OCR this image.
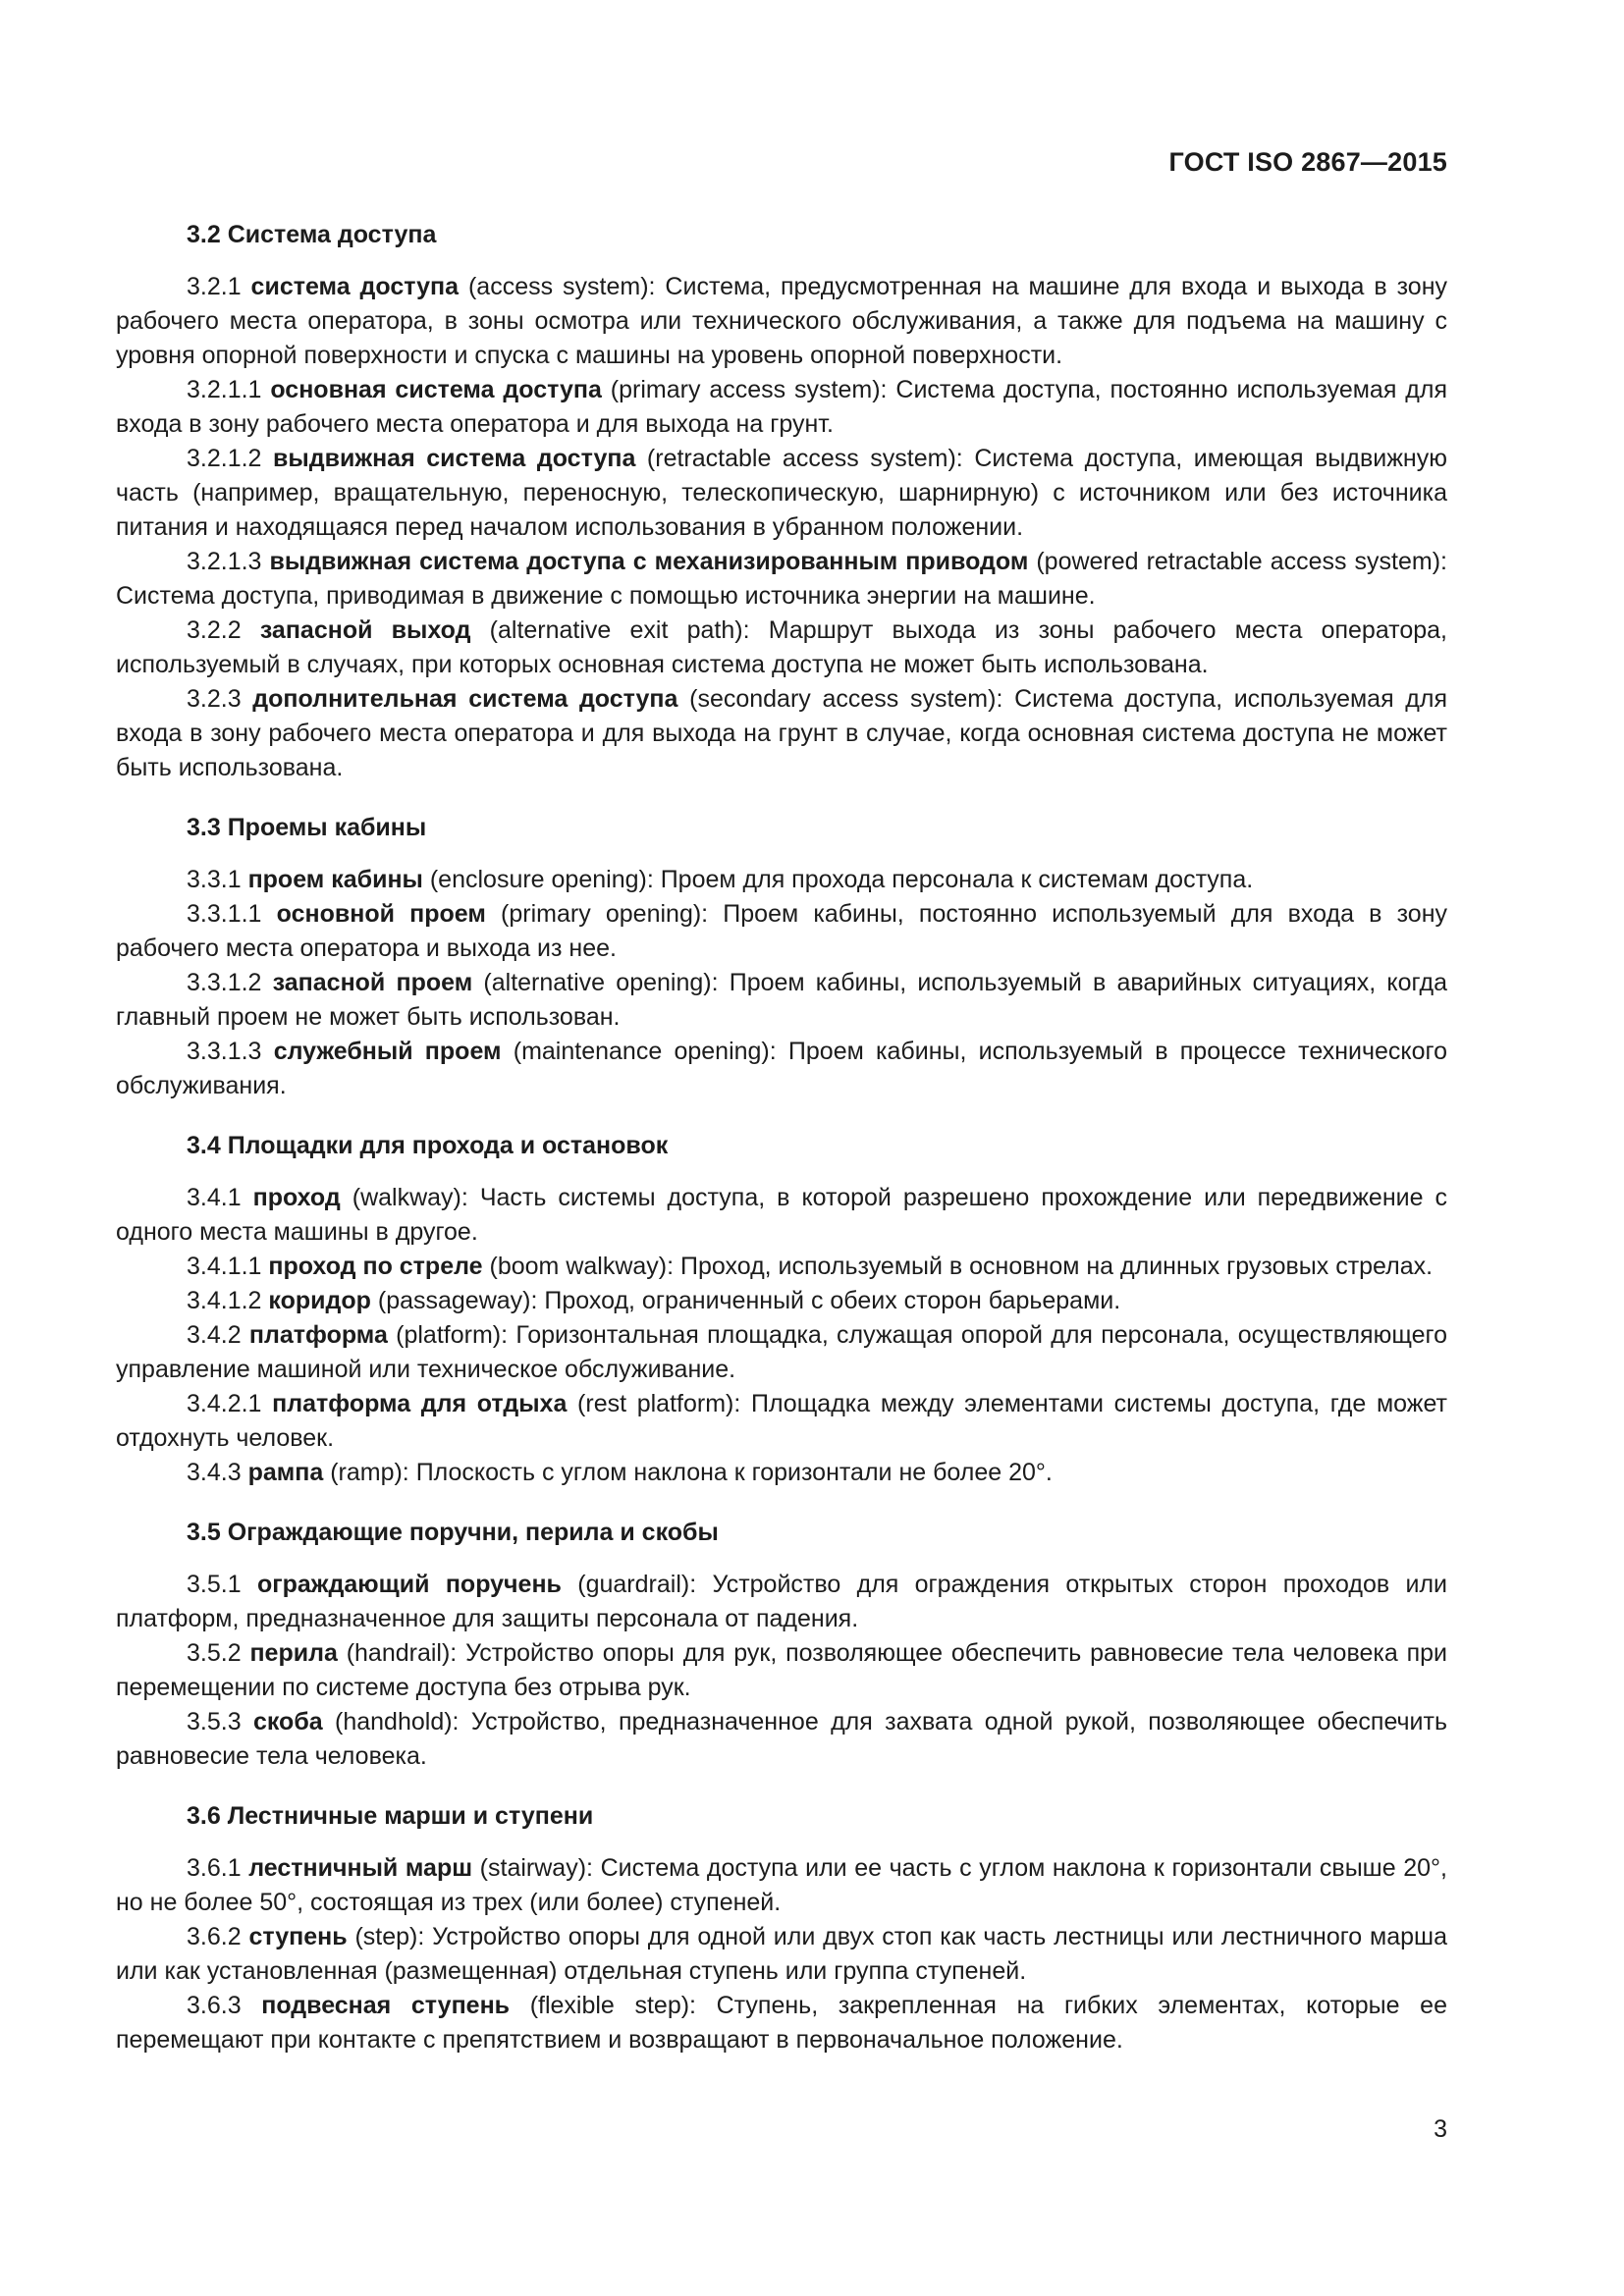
ГОСТ ISO 2867—2015
3.2 Система доступа

3.2.1 система доступа (access system): Система, предусмотренная на машине для входа и выхода в зону рабочего места оператора, в зоны осмотра или технического обслуживания, а также для подъема на машину с уровня опорной поверхности и спуска с машины на уровень опорной поверхности.

3.2.1.1 основная система доступа (primary access system): Система доступа, постоянно используемая для входа в зону рабочего места оператора и для выхода на грунт.

3.2.1.2 выдвижная система доступа (retractable access system): Система доступа, имеющая выдвижную часть (например, вращательную, переносную, телескопическую, шарнирную) с источником или без источника питания и находящаяся перед началом использования в убранном положении.

3.2.1.3 выдвижная система доступа с механизированным приводом (powered retractable access system): Система доступа, приводимая в движение с помощью источника энергии на машине.

3.2.2 запасной выход (alternative exit path): Маршрут выхода из зоны рабочего места оператора, используемый в случаях, при которых основная система доступа не может быть использована.

3.2.3 дополнительная система доступа (secondary access system): Система доступа, используемая для входа в зону рабочего места оператора и для выхода на грунт в случае, когда основная система доступа не может быть использована.

3.3 Проемы кабины

3.3.1 проем кабины (enclosure opening): Проем для прохода персонала к системам доступа.

3.3.1.1 основной проем (primary opening): Проем кабины, постоянно используемый для входа в зону рабочего места оператора и выхода из нее.

3.3.1.2 запасной проем (alternative opening): Проем кабины, используемый в аварийных ситуациях, когда главный проем не может быть использован.

3.3.1.3 служебный проем (maintenance opening): Проем кабины, используемый в процессе технического обслуживания.

3.4 Площадки для прохода и остановок

3.4.1 проход (walkway): Часть системы доступа, в которой разрешено прохождение или передвижение с одного места машины в другое.

3.4.1.1 проход по стреле (boom walkway): Проход, используемый в основном на длинных грузовых стрелах.

3.4.1.2 коридор (passageway): Проход, ограниченный с обеих сторон барьерами.

3.4.2 платформа (platform): Горизонтальная площадка, служащая опорой для персонала, осуществляющего управление машиной или техническое обслуживание.

3.4.2.1 платформа для отдыха (rest platform): Площадка между элементами системы доступа, где может отдохнуть человек.

3.4.3 рампа (ramp): Плоскость с углом наклона к горизонтали не более 20°.

3.5 Ограждающие поручни, перила и скобы

3.5.1 ограждающий поручень (guardrail): Устройство для ограждения открытых сторон проходов или платформ, предназначенное для защиты персонала от падения.

3.5.2 перила (handrail): Устройство опоры для рук, позволяющее обеспечить равновесие тела человека при перемещении по системе доступа без отрыва рук.

3.5.3 скоба (handhold): Устройство, предназначенное для захвата одной рукой, позволяющее обеспечить равновесие тела человека.

3.6 Лестничные марши и ступени

3.6.1 лестничный марш (stairway): Система доступа или ее часть с углом наклона к горизонтали свыше 20°, но не более 50°, состоящая из трех (или более) ступеней.

3.6.2 ступень (step): Устройство опоры для одной или двух стоп как часть лестницы или лестничного марша или как установленная (размещенная) отдельная ступень или группа ступеней.

3.6.3 подвесная ступень (flexible step): Ступень, закрепленная на гибких элементах, которые ее перемещают при контакте с препятствием и возвращают в первоначальное положение.

3
